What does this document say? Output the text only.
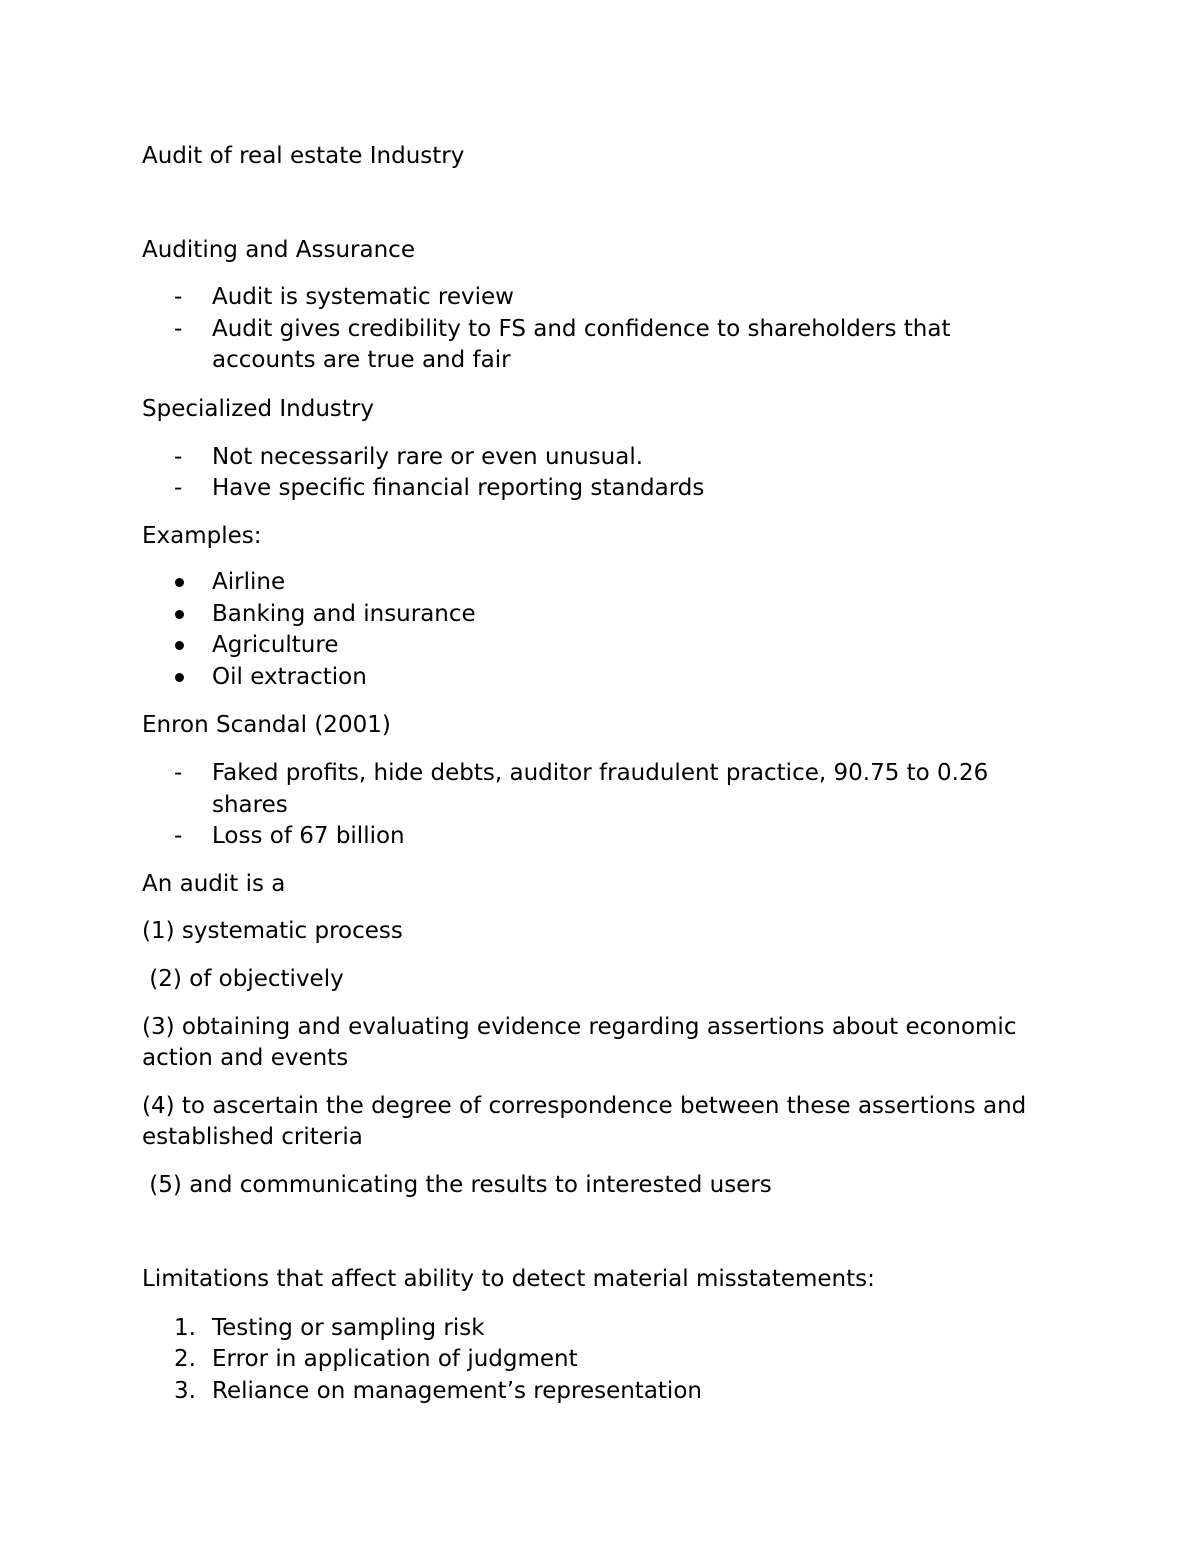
Audit of real estate Industry
Auditing and Assurance
- Audit is systematic review
- Audit gives credibility to FS and confidence to shareholders that
accounts are true and fair
Specialized Industry
- Not necessarily rare or even unusual.
- Have specific financial reporting standards
Examples:
Airline
Banking and insurance
Agriculture
Oil extraction
Enron Scandal (2001)
- Faked profits, hide debts, auditor fraudulent practice, 90.75 to 0.26
shares
- Loss of 67 billion
An audit is a
(1) systematic process
(2) of objectively
(3) obtaining and evaluating evidence regarding assertions about economic
action and events
(4) to ascertain the degree of correspondence between these assertions and
established criteria
(5) and communicating the results to interested users
Limitations that affect ability to detect material misstatements:
1. Testing or sampling risk
2. Error in application of judgment
3. Reliance on management’s representation
